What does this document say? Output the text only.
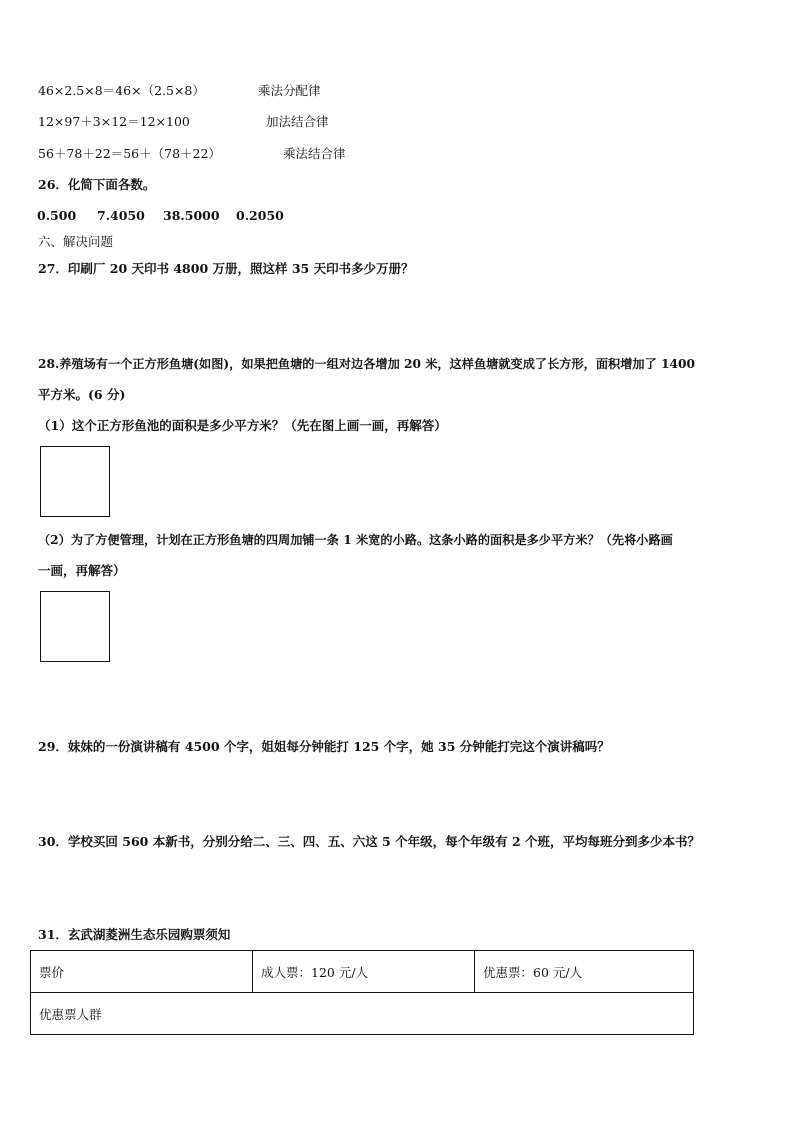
46×2.5×8＝46×（2.5×8）	乘法分配律
12×97＋3×12＝12×100	加法结合律
56＋78＋22＝56＋（78＋22）	乘法结合律
26．化简下面各数。
0.500 7.4050 38.5000 0.2050
六、解决问题
27．印刷厂 20 天印书 4800 万册，照这样 35 天印书多少万册？
28.养殖场有一个正方形鱼塘(如图)，如果把鱼塘的一组对边各增加 20 米，这样鱼塘就变成了长方形，面积增加了 1400
平方米。(6 分)
（1）这个正方形鱼池的面积是多少平方米？（先在图上画一画，再解答）
（2）为了方便管理，计划在正方形鱼塘的四周加铺一条 1 米宽的小路。这条小路的面积是多少平方米？（先将小路画
一画，再解答）
29．妹妹的一份演讲稿有 4500 个字，姐姐每分钟能打 125 个字，她 35 分钟能打完这个演讲稿吗？
30．学校买回 560 本新书，分别分给二、三、四、五、六这 5 个年级，每个年级有 2 个班，平均每班分到多少本书？
31．玄武湖菱洲生态乐园购票须知
票价	成人票：120 元/人	优惠票：60 元/人
优惠票人群
